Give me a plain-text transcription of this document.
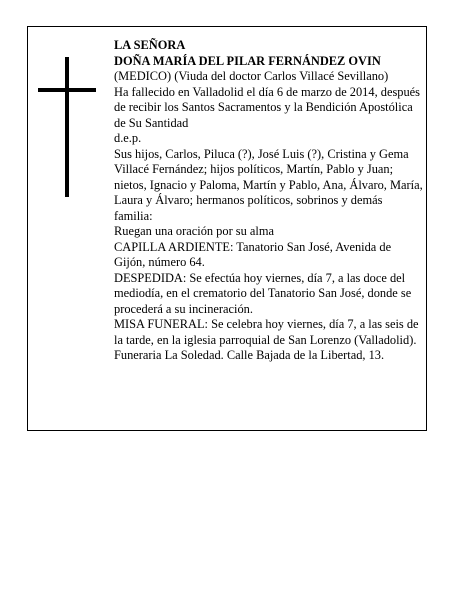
LA SEÑORA

DOÑA MARÍA DEL PILAR FERNÁNDEZ OVIN

(MEDICO) (Viuda del doctor Carlos Villacé Sevillano)

Ha fallecido en Valladolid el día 6 de marzo de 2014, después de recibir los Santos Sacramentos y la Bendición Apostólica de Su Santidad

d.e.p.

Sus hijos, Carlos, Piluca (?), José Luis (?), Cristina y Gema Villacé Fernández; hijos políticos, Martín, Pablo y Juan; nietos, Ignacio y Paloma, Martín y Pablo, Ana, Álvaro, María, Laura y Álvaro; hermanos políticos, sobrinos y demás familia:

Ruegan una oración por su alma

CAPILLA ARDIENTE: Tanatorio San José, Avenida de Gijón, número 64.

DESPEDIDA: Se efectúa hoy viernes, día 7, a las doce del mediodía, en el crematorio del Tanatorio San José, donde se procederá a su incineración.

MISA FUNERAL: Se celebra hoy viernes, día 7, a las seis de la tarde, en la iglesia parroquial de San Lorenzo (Valladolid).

Funeraria La Soledad. Calle Bajada de la Libertad, 13.
